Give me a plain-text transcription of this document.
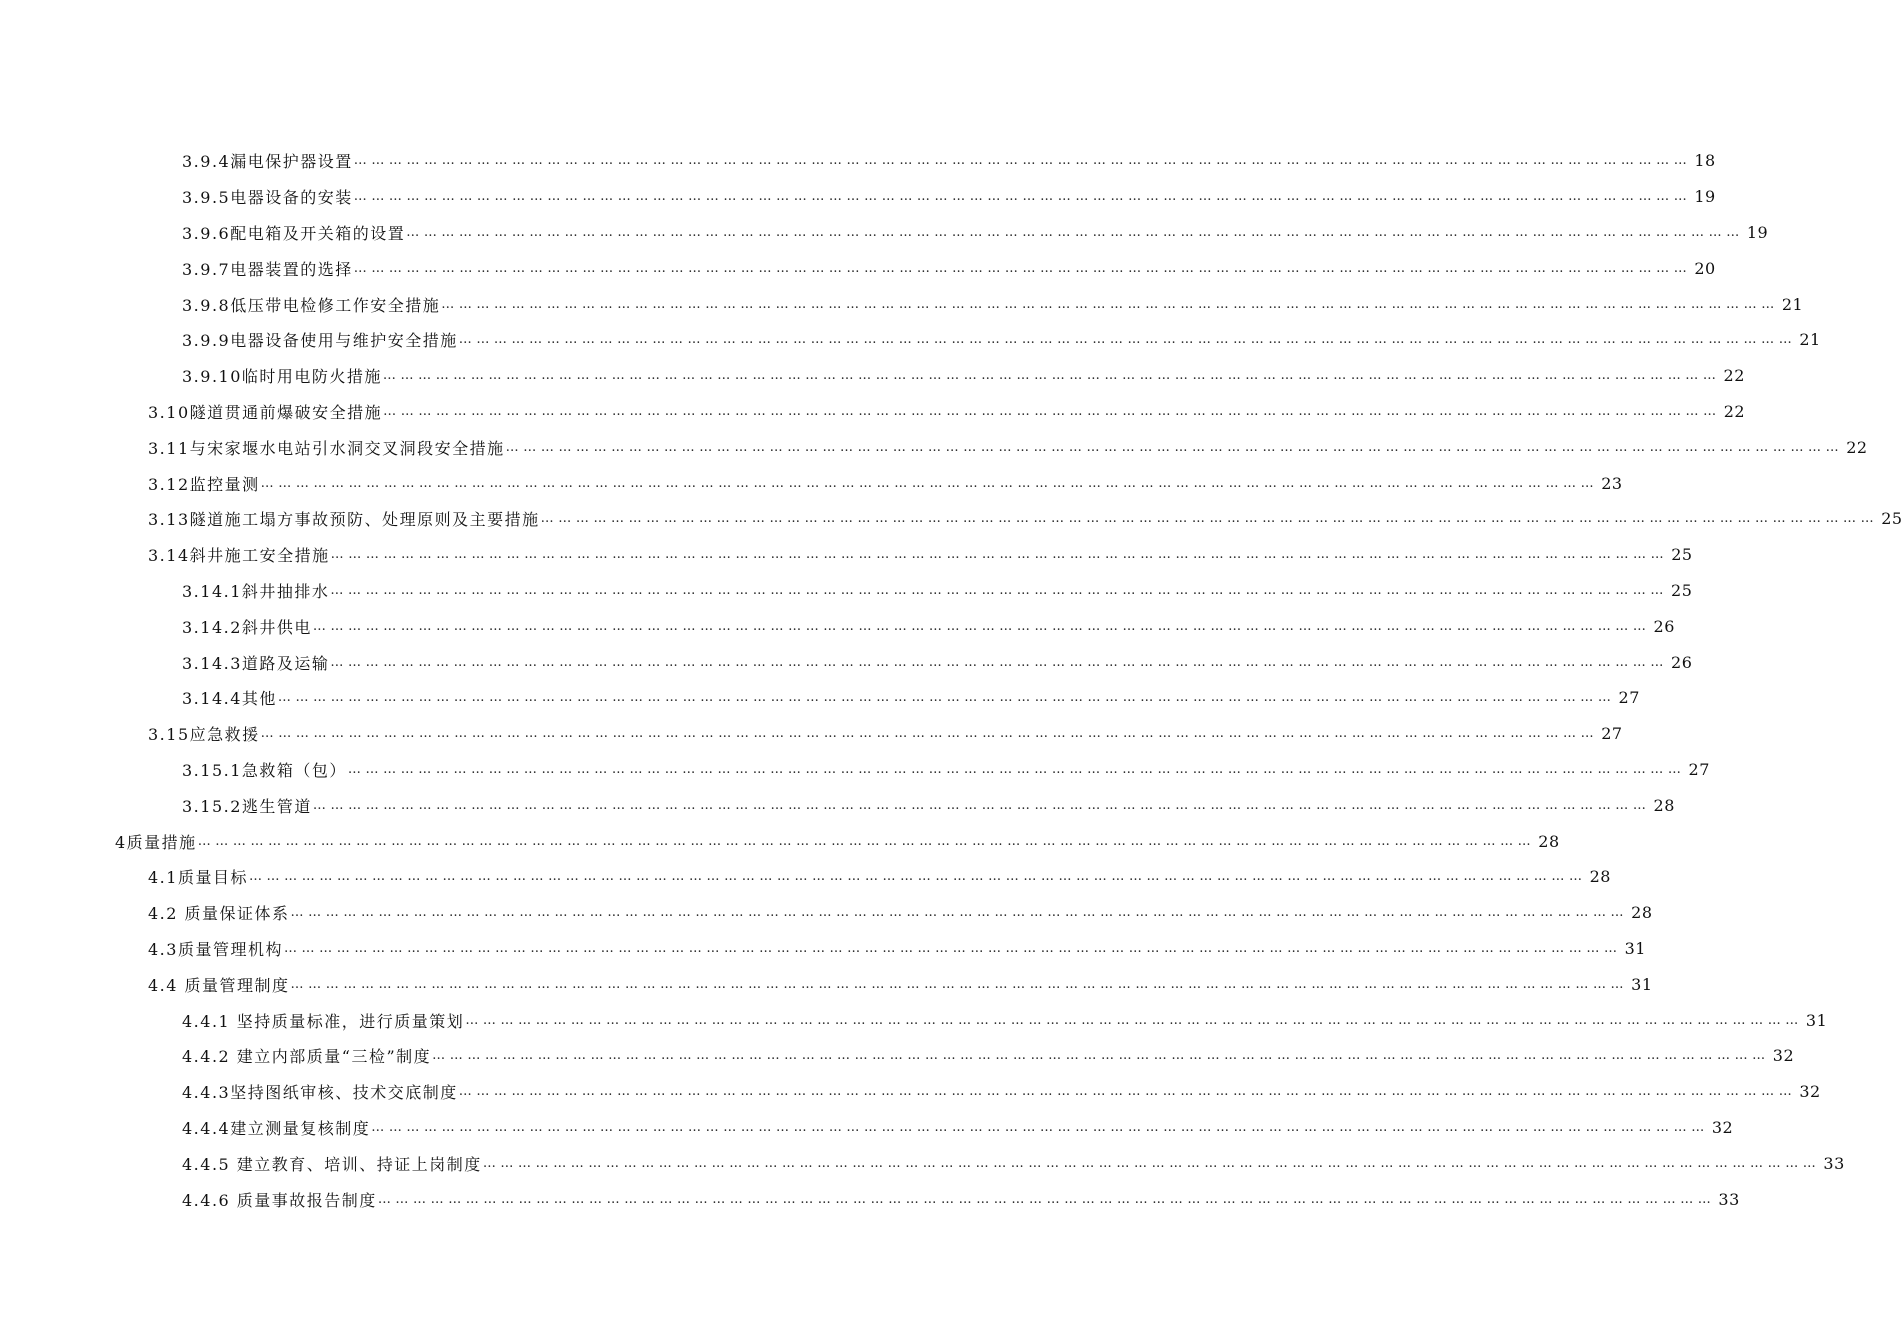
3.9.4漏电保护器设置 ………………………………………………………………………………………………………………………………………………………………………………………………………… 18
3.9.5电器设备的安装 ………………………………………………………………………………………………………………………………………………………………………………………………………… 19
3.9.6配电箱及开关箱的设置 ………………………………………………………………………………………………………………………………………………………………………………………………………… 19
3.9.7电器装置的选择 ………………………………………………………………………………………………………………………………………………………………………………………………………… 20
3.9.8低压带电检修工作安全措施 ………………………………………………………………………………………………………………………………………………………………………………………………………… 21
3.9.9电器设备使用与维护安全措施 ………………………………………………………………………………………………………………………………………………………………………………………………………… 21
3.9.10临时用电防火措施 ………………………………………………………………………………………………………………………………………………………………………………………………………… 22
3.10隧道贯通前爆破安全措施 ………………………………………………………………………………………………………………………………………………………………………………………………………… 22
3.11与宋家堰水电站引水洞交叉洞段安全措施 ………………………………………………………………………………………………………………………………………………………………………………………………………… 22
3.12监控量测 ………………………………………………………………………………………………………………………………………………………………………………………………………… 23
3.13隧道施工塌方事故预防、处理原则及主要措施 ………………………………………………………………………………………………………………………………………………………………………………………………………… 25
3.14斜井施工安全措施 ………………………………………………………………………………………………………………………………………………………………………………………………………… 25
3.14.1斜井抽排水 ………………………………………………………………………………………………………………………………………………………………………………………………………… 25
3.14.2斜井供电 ………………………………………………………………………………………………………………………………………………………………………………………………………… 26
3.14.3道路及运输 ………………………………………………………………………………………………………………………………………………………………………………………………………… 26
3.14.4其他 ………………………………………………………………………………………………………………………………………………………………………………………………………… 27
3.15应急救援 ………………………………………………………………………………………………………………………………………………………………………………………………………… 27
3.15.1急救箱（包） ………………………………………………………………………………………………………………………………………………………………………………………………………… 27
3.15.2逃生管道 ………………………………………………………………………………………………………………………………………………………………………………………………………… 28
4质量措施 ………………………………………………………………………………………………………………………………………………………………………………………………………… 28
4.1质量目标 ………………………………………………………………………………………………………………………………………………………………………………………………………… 28
4.2 质量保证体系 ………………………………………………………………………………………………………………………………………………………………………………………………………… 28
4.3质量管理机构 ………………………………………………………………………………………………………………………………………………………………………………………………………… 31
4.4 质量管理制度 ………………………………………………………………………………………………………………………………………………………………………………………………………… 31
4.4.1 坚持质量标准，进行质量策划 ………………………………………………………………………………………………………………………………………………………………………………………………………… 31
4.4.2 建立内部质量“三检”制度 ………………………………………………………………………………………………………………………………………………………………………………………………………… 32
4.4.3坚持图纸审核、技术交底制度 ………………………………………………………………………………………………………………………………………………………………………………………………………… 32
4.4.4建立测量复核制度 ………………………………………………………………………………………………………………………………………………………………………………………………………… 32
4.4.5 建立教育、培训、持证上岗制度 ………………………………………………………………………………………………………………………………………………………………………………………………………… 33
4.4.6 质量事故报告制度 ………………………………………………………………………………………………………………………………………………………………………………………………………… 33
